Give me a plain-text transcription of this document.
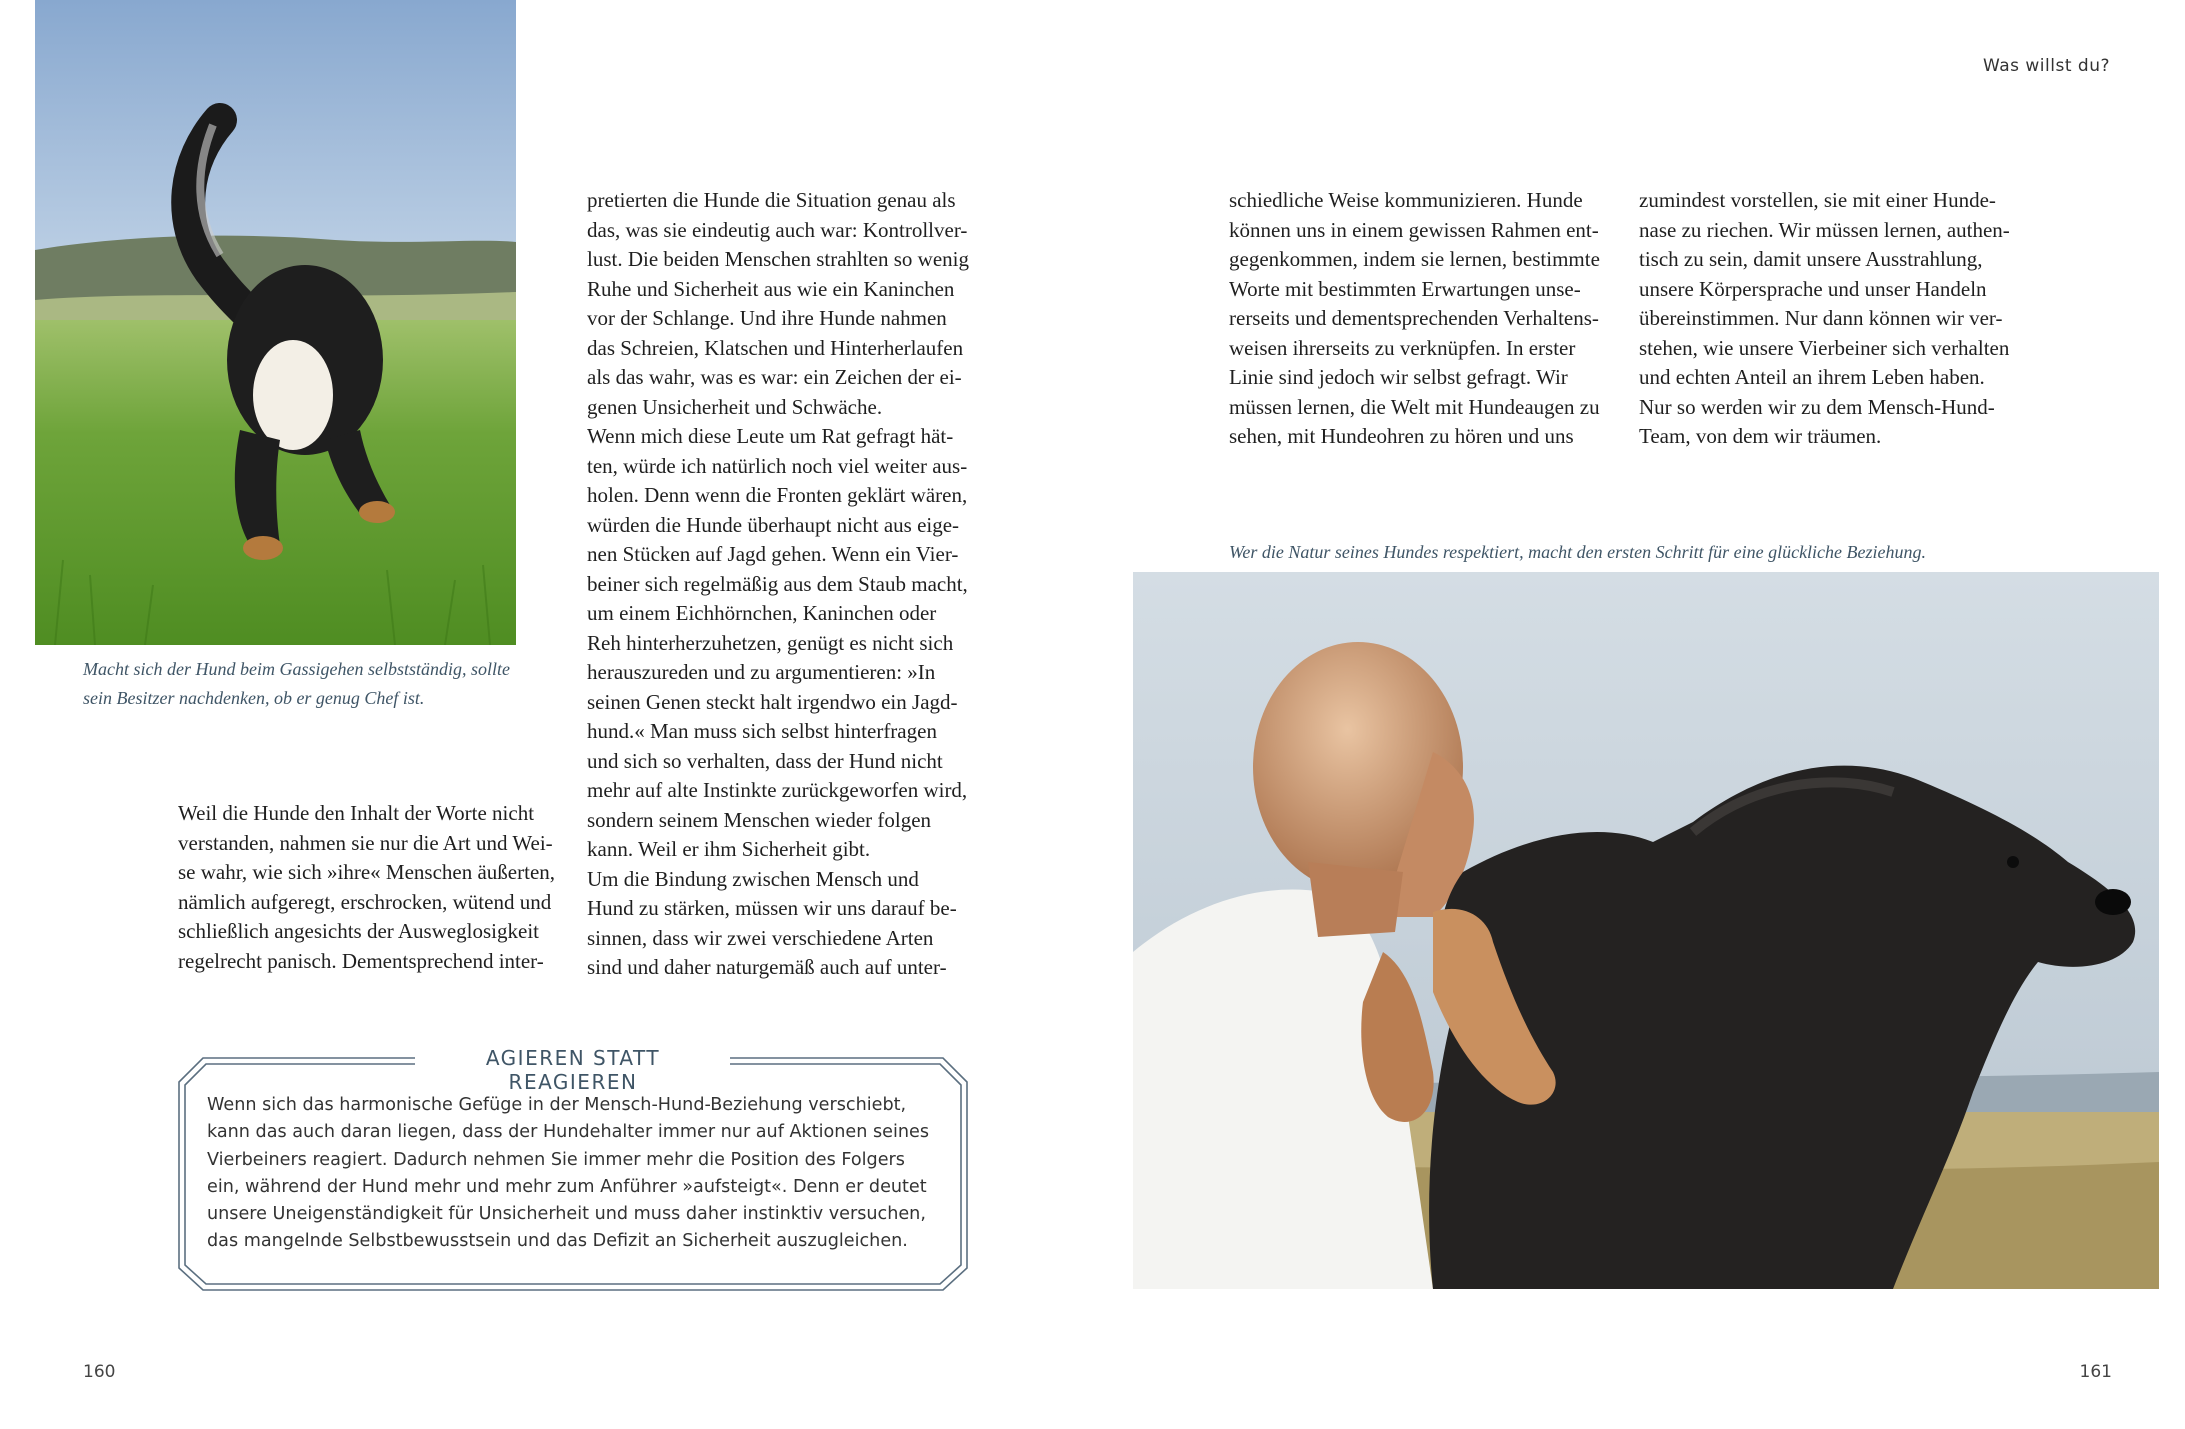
Was willst du?
Macht sich der Hund beim Gassigehen selbstständig, sollte
sein Besitzer nachdenken, ob er genug Chef ist.
Weil die Hunde den Inhalt der Worte nicht
verstanden, nahmen sie nur die Art und Wei-
se wahr, wie sich »ihre« Menschen äußerten,
nämlich aufgeregt, erschrocken, wütend und
schließlich angesichts der Ausweglosigkeit
regelrecht panisch. Dementsprechend inter-
pretierten die Hunde die Situation genau als
das, was sie eindeutig auch war: Kontrollver-
lust. Die beiden Menschen strahlten so wenig
Ruhe und Sicherheit aus wie ein Kaninchen
vor der Schlange. Und ihre Hunde nahmen
das Schreien, Klatschen und Hinterherlaufen
als das wahr, was es war: ein Zeichen der ei-
genen Unsicherheit und Schwäche.
Wenn mich diese Leute um Rat gefragt hät-
ten, würde ich natürlich noch viel weiter aus-
holen. Denn wenn die Fronten geklärt wären,
würden die Hunde überhaupt nicht aus eige-
nen Stücken auf Jagd gehen. Wenn ein Vier-
beiner sich regelmäßig aus dem Staub macht,
um einem Eichhörnchen, Kaninchen oder
Reh hinterherzuhetzen, genügt es nicht sich
herauszureden und zu argumentieren: »In
seinen Genen steckt halt irgendwo ein Jagd-
hund.« Man muss sich selbst hinterfragen
und sich so verhalten, dass der Hund nicht
mehr auf alte Instinkte zurückgeworfen wird,
sondern seinem Menschen wieder folgen
kann. Weil er ihm Sicherheit gibt.
Um die Bindung zwischen Mensch und
Hund zu stärken, müssen wir uns darauf be-
sinnen, dass wir zwei verschiedene Arten
sind und daher naturgemäß auch auf unter-
schiedliche Weise kommunizieren. Hunde
können uns in einem gewissen Rahmen ent-
gegenkommen, indem sie lernen, bestimmte
Worte mit bestimmten Erwartungen unse-
rerseits und dementsprechenden Verhaltens-
weisen ihrerseits zu verknüpfen. In erster
Linie sind jedoch wir selbst gefragt. Wir
müssen lernen, die Welt mit Hundeaugen zu
sehen, mit Hundeohren zu hören und uns
zumindest vorstellen, sie mit einer Hunde-
nase zu riechen. Wir müssen lernen, authen-
tisch zu sein, damit unsere Ausstrahlung,
unsere Körpersprache und unser Handeln
übereinstimmen. Nur dann können wir ver-
stehen, wie unsere Vierbeiner sich verhalten
und echten Anteil an ihrem Leben haben.
Nur so werden wir zu dem Mensch-Hund-
Team, von dem wir träumen.
AGIEREN STATT REAGIEREN
Wenn sich das harmonische Gefüge in der Mensch-Hund-Beziehung verschiebt,
kann das auch daran liegen, dass der Hundehalter immer nur auf Aktionen seines
Vierbeiners reagiert. Dadurch nehmen Sie immer mehr die Position des Folgers
ein, während der Hund mehr und mehr zum Anführer »aufsteigt«. Denn er deutet
unsere Uneigenständigkeit für Unsicherheit und muss daher instinktiv versuchen,
das mangelnde Selbstbewusstsein und das Defizit an Sicherheit auszugleichen.
Wer die Natur seines Hundes respektiert, macht den ersten Schritt für eine glückliche Beziehung.
160	161
